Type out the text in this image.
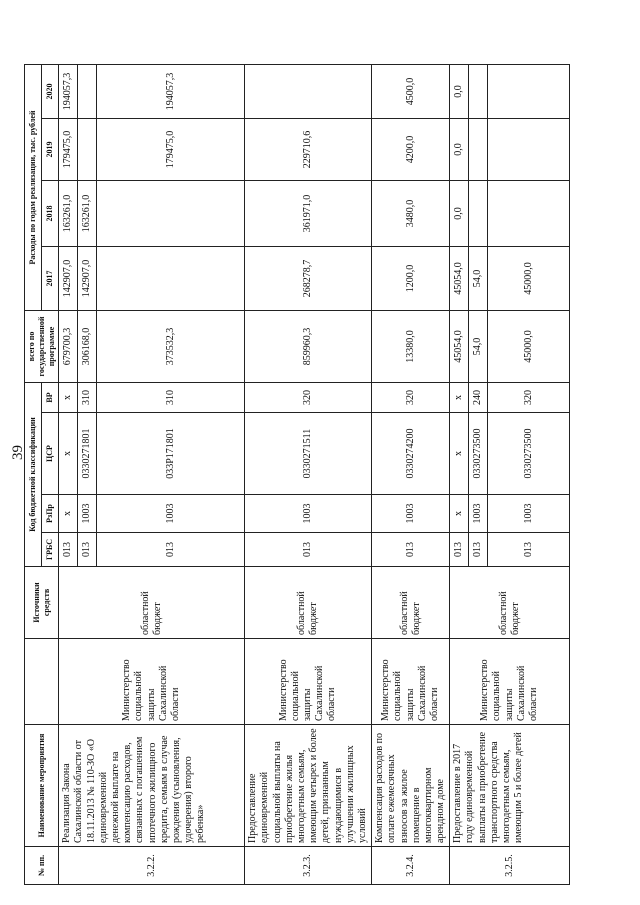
39
№ пп.	Наименование мероприятия		Источники средств	Код бюджетной классификации				всего по государственной программе	Расходы по годам реализации, тыс. рублей			
				ГРБС	РзПр	ЦСР	ВР		2017	2018	2019	2020
3.2.2.	Реализация Закона Сахалинской области от 18.11.2013 № 110-ЗО «О единовременной денежной выплате на компенсацию расходов, связанных с погашением ипотечного жилищного кредита, семьям в случае рождения (усыновления, удочерения) второго ребенка»	Министерство социальной защиты Сахалинской области	областной бюджет	013	х	х	х	679700,3	142907,0	163261,0	179475,0	194057,3
				013	1003	0330271801	310	306168,0	142907,0	163261,0		
				013	1003	033Р171801	310	373532,3			179475,0	194057,3
3.2.3.	Предоставление единовременной социальной выплаты на приобретение жилья многодетным семьям, имеющим четырех и более детей, признанным нуждающимися в улучшении жилищных условий	Министерство социальной защиты Сахалинской области	областной бюджет	013	1003	0330271511	320	859960,3	268278,7	361971,0	229710,6	
3.2.4.	Компенсация расходов по оплате ежемесячных взносов за жилое помещение в многоквартирном арендном доме	Министерство социальной защиты Сахалинской области	областной бюджет	013	1003	0330274200	320	13380,0	1200,0	3480,0	4200,0	4500,0
3.2.5.	Предоставление в 2017 году единовременной выплаты на приобретение транспортного средства многодетным семьям, имеющим 5 и более детей	Министерство социальной защиты Сахалинской области	областной бюджет	013	х	х	х	45054,0	45054,0	0,0	0,0	0,0
				013	1003	0330273500	240	54,0	54,0			
				013	1003	0330273500	320	45000,0	45000,0			
